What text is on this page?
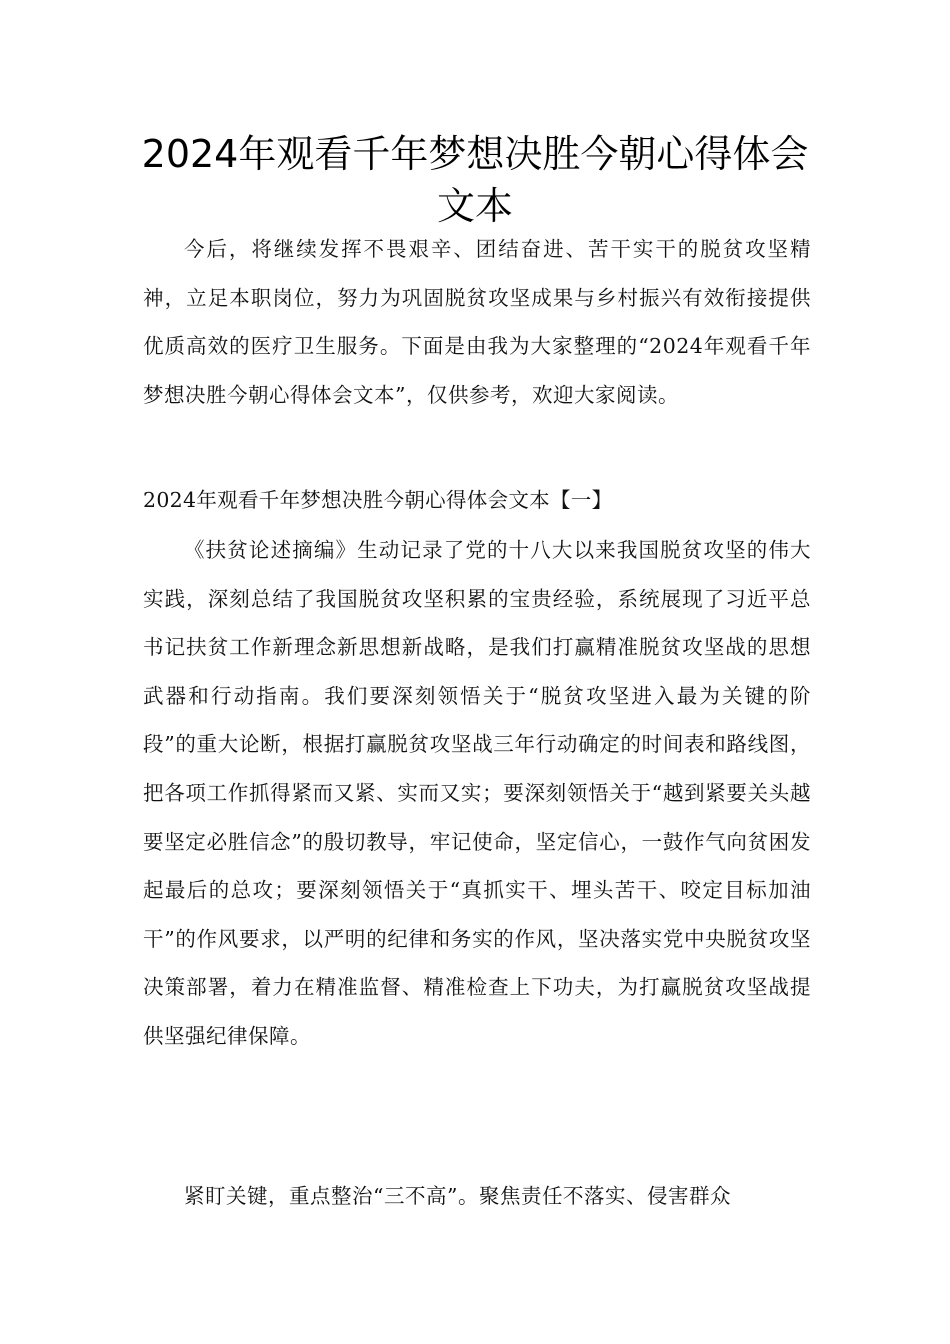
2024年观看千年梦想决胜今朝心得体会
文本

今后，将继续发挥不畏艰辛、团结奋进、苦干实干的脱贫攻坚精神，立足本职岗位，努力为巩固脱贫攻坚成果与乡村振兴有效衔接提供优质高效的医疗卫生服务。下面是由我为大家整理的“2024年观看千年梦想决胜今朝心得体会文本”，仅供参考，欢迎大家阅读。

2024年观看千年梦想决胜今朝心得体会文本【一】

《扶贫论述摘编》生动记录了党的十八大以来我国脱贫攻坚的伟大实践，深刻总结了我国脱贫攻坚积累的宝贵经验，系统展现了习近平总书记扶贫工作新理念新思想新战略，是我们打赢精准脱贫攻坚战的思想武器和行动指南。我们要深刻领悟关于“脱贫攻坚进入最为关键的阶段”的重大论断，根据打赢脱贫攻坚战三年行动确定的时间表和路线图，把各项工作抓得紧而又紧、实而又实；要深刻领悟关于“越到紧要关头越要坚定必胜信念”的殷切教导，牢记使命，坚定信心，一鼓作气向贫困发起最后的总攻；要深刻领悟关于“真抓实干、埋头苦干、咬定目标加油干”的作风要求，以严明的纪律和务实的作风，坚决落实党中央脱贫攻坚决策部署，着力在精准监督、精准检查上下功夫，为打赢脱贫攻坚战提供坚强纪律保障。

紧盯关键，重点整治“三不高”。聚焦责任不落实、侵害群众
